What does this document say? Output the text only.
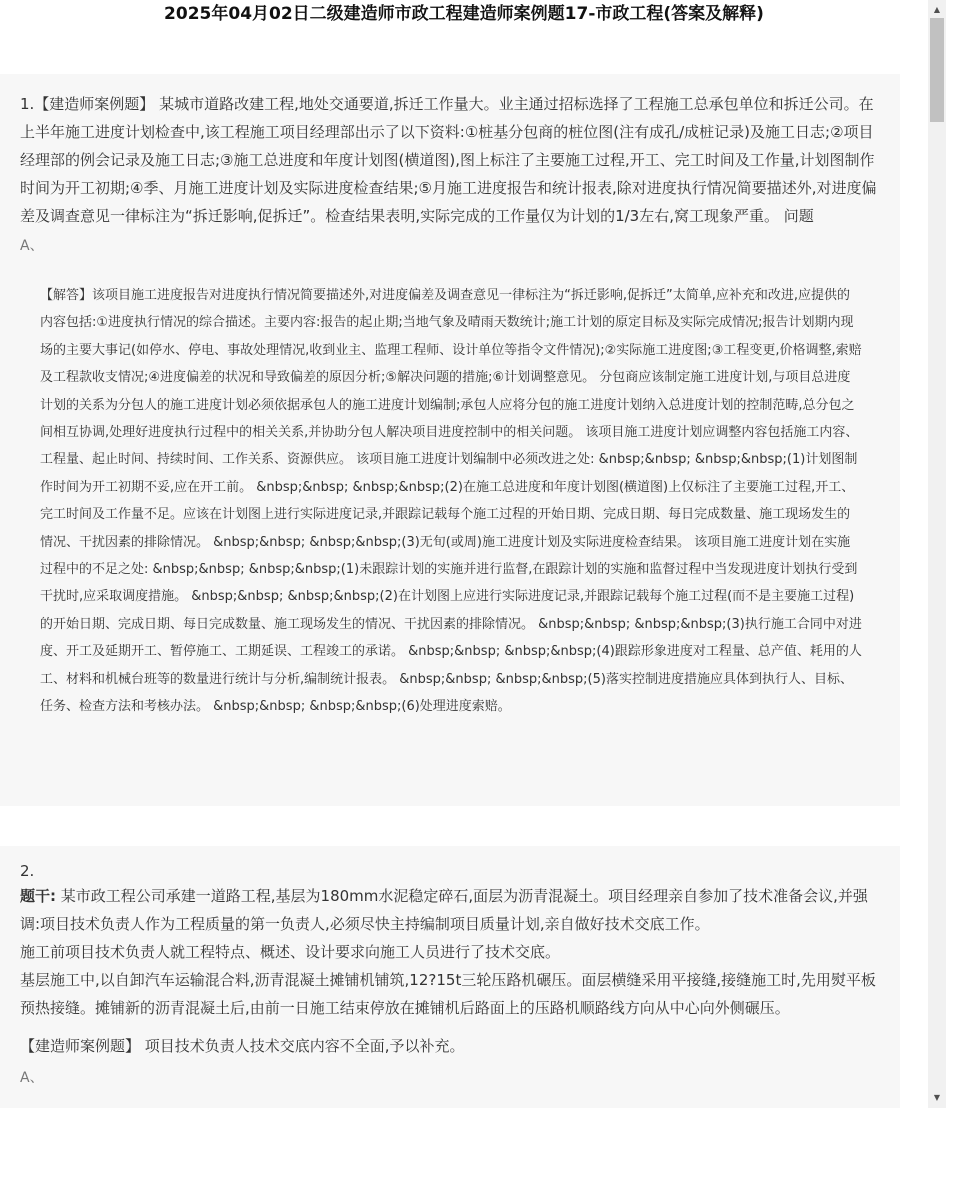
2025年04月02日二级建造师市政工程建造师案例题17-市政工程(答案及解释)

1.【建造师案例题】 某城市道路改建工程,地处交通要道,拆迁工作量大。业主通过招标选择了工程施工总承包单位和拆迁公司。在上半年施工进度计划检查中,该工程施工项目经理部出示了以下资料:①桩基分包商的桩位图(注有成孔/成桩记录)及施工日志;②项目经理部的例会记录及施工日志;③施工总进度和年度计划图(横道图),图上标注了主要施工过程,开工、完工时间及工作量,计划图制作时间为开工初期;④季、月施工进度计划及实际进度检查结果;⑤月施工进度报告和统计报表,除对进度执行情况简要描述外,对进度偏差及调查意见一律标注为“拆迁影响,促拆迁”。检查结果表明,实际完成的工作量仅为计划的1/3左右,窝工现象严重。 问题

A、

【解答】该项目施工进度报告对进度执行情况简要描述外,对进度偏差及调查意见一律标注为“拆迁影响,促拆迁”太简单,应补充和改进,应提供的内容包括:①进度执行情况的综合描述。主要内容:报告的起止期;当地气象及晴雨天数统计;施工计划的原定目标及实际完成情况;报告计划期内现场的主要大事记(如停水、停电、事故处理情况,收到业主、监理工程师、设计单位等指令文件情况);②实际施工进度图;③工程变更,价格调整,索赔及工程款收支情况;④进度偏差的状况和导致偏差的原因分析;⑤解决问题的措施;⑥计划调整意见。 分包商应该制定施工进度计划,与项目总进度计划的关系为分包人的施工进度计划必须依据承包人的施工进度计划编制;承包人应将分包的施工进度计划纳入总进度计划的控制范畴,总分包之间相互协调,处理好进度执行过程中的相关关系,并协助分包人解决项目进度控制中的相关问题。 该项目施工进度计划应调整内容包括施工内容、工程量、起止时间、持续时间、工作关系、资源供应。 该项目施工进度计划编制中必须改进之处: &nbsp;&nbsp; &nbsp;&nbsp;(1)计划图制作时间为开工初期不妥,应在开工前。 &nbsp;&nbsp; &nbsp;&nbsp;(2)在施工总进度和年度计划图(横道图)上仅标注了主要施工过程,开工、完工时间及工作量不足。应该在计划图上进行实际进度记录,并跟踪记载每个施工过程的开始日期、完成日期、每日完成数量、施工现场发生的情况、干扰因素的排除情况。 &nbsp;&nbsp; &nbsp;&nbsp;(3)无旬(或周)施工进度计划及实际进度检查结果。 该项目施工进度计划在实施过程中的不足之处: &nbsp;&nbsp; &nbsp;&nbsp;(1)未跟踪计划的实施并进行监督,在跟踪计划的实施和监督过程中当发现进度计划执行受到干扰时,应采取调度措施。 &nbsp;&nbsp; &nbsp;&nbsp;(2)在计划图上应进行实际进度记录,并跟踪记载每个施工过程(而不是主要施工过程)的开始日期、完成日期、每日完成数量、施工现场发生的情况、干扰因素的排除情况。 &nbsp;&nbsp; &nbsp;&nbsp;(3)执行施工合同中对进度、开工及延期开工、暂停施工、工期延误、工程竣工的承诺。 &nbsp;&nbsp; &nbsp;&nbsp;(4)跟踪形象进度对工程量、总产值、耗用的人工、材料和机械台班等的数量进行统计与分析,编制统计报表。 &nbsp;&nbsp; &nbsp;&nbsp;(5)落实控制进度措施应具体到执行人、目标、任务、检查方法和考核办法。 &nbsp;&nbsp; &nbsp;&nbsp;(6)处理进度索赔。

2.

题干: 某市政工程公司承建一道路工程,基层为180mm水泥稳定碎石,面层为沥青混凝土。项目经理亲自参加了技术准备会议,并强调:项目技术负责人作为工程质量的第一负责人,必须尽快主持编制项目质量计划,亲自做好技术交底工作。

施工前项目技术负责人就工程特点、概述、设计要求向施工人员进行了技术交底。

基层施工中,以自卸汽车运输混合料,沥青混凝土摊铺机铺筑,12?15t三轮压路机碾压。面层横缝采用平接缝,接缝施工时,先用熨平板预热接缝。摊铺新的沥青混凝土后,由前一日施工结束停放在摊铺机后路面上的压路机顺路线方向从中心向外侧碾压。

【建造师案例题】 项目技术负责人技术交底内容不全面,予以补充。

A、

▲
▼
